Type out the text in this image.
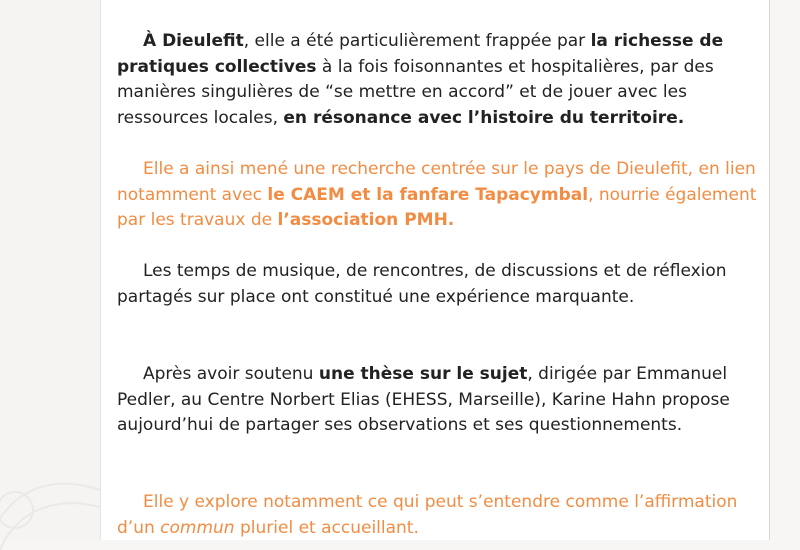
À Dieulefit, elle a été particulièrement frappée par la richesse de pratiques collectives à la fois foisonnantes et hospitalières, par des manières singulières de “se mettre en accord” et de jouer avec les ressources locales, en résonance avec l’histoire du territoire.

Elle a ainsi mené une recherche centrée sur le pays de Dieulefit, en lien notamment avec le CAEM et la fanfare Tapacymbal, nourrie également par les travaux de l’association PMH.

Les temps de musique, de rencontres, de discussions et de réflexion partagés sur place ont constitué une expérience marquante.

Après avoir soutenu une thèse sur le sujet, dirigée par Emmanuel Pedler, au Centre Norbert Elias (EHESS, Marseille), Karine Hahn propose aujourd’hui de partager ses observations et ses questionnements.

Elle y explore notamment ce qui peut s’entendre comme l’affirmation d’un commun pluriel et accueillant.
